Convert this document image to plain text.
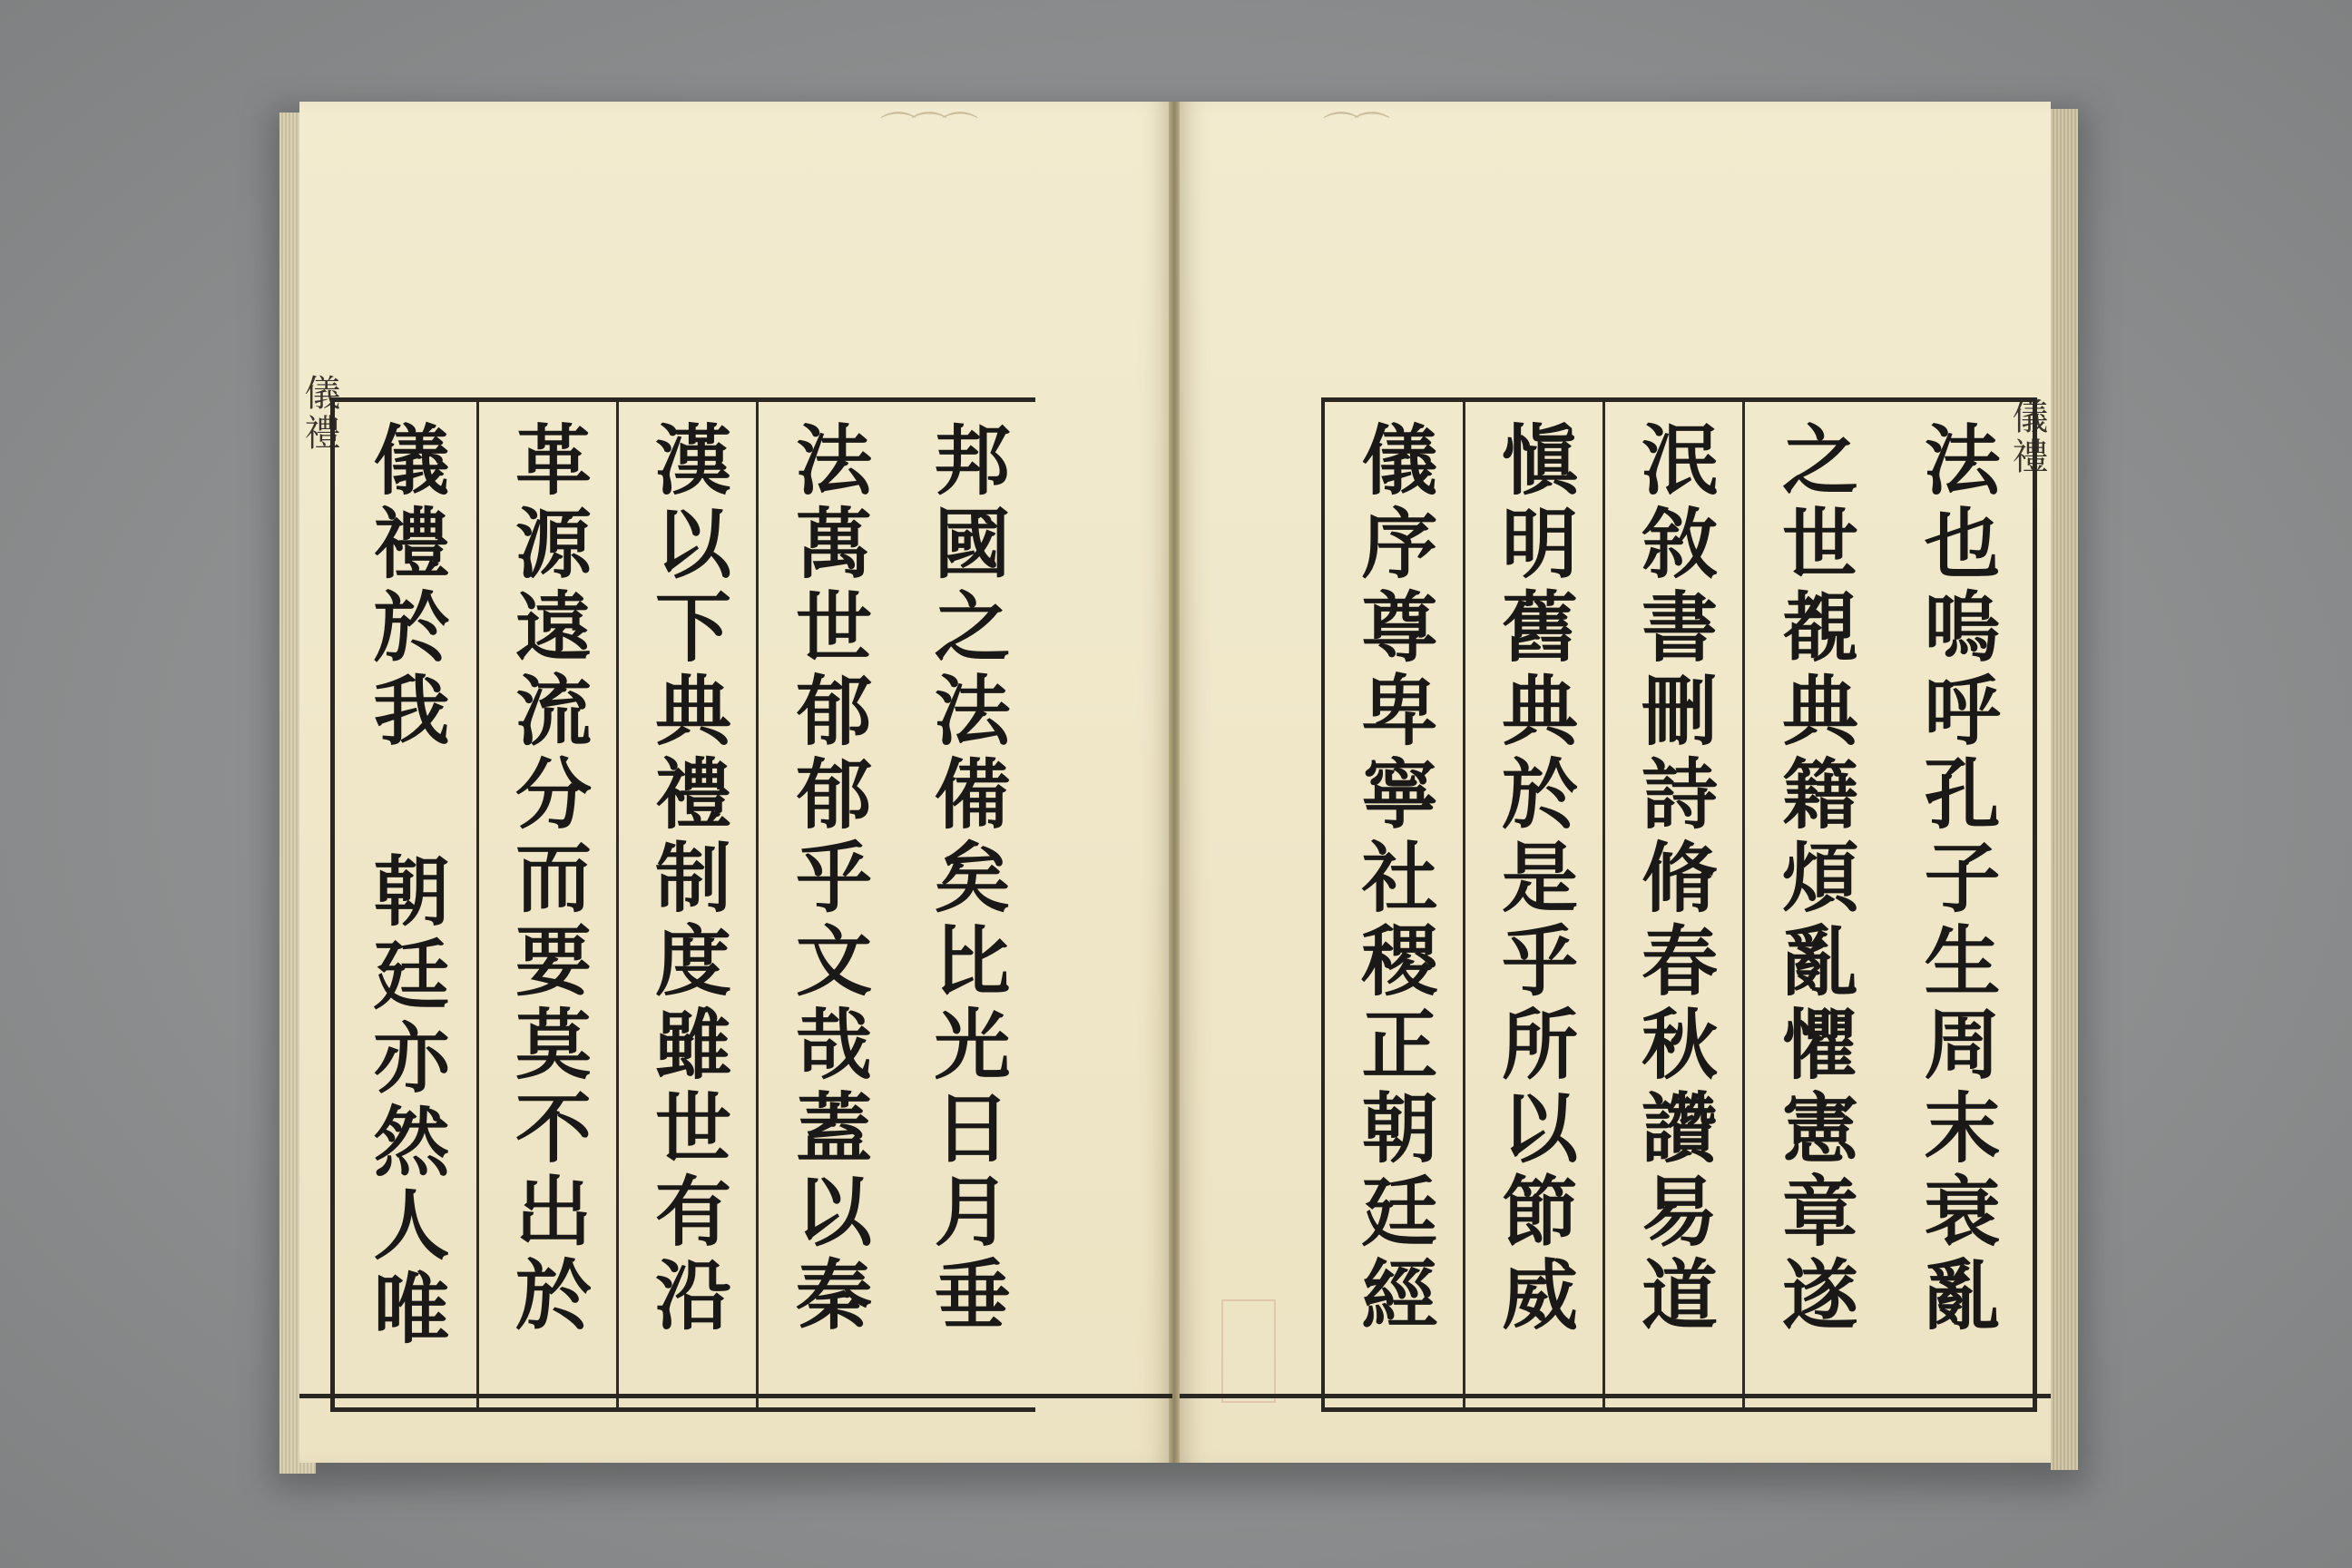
⌒⌒⌒
儀禮
⌒⌒
儀禮
邦國之法備矣比光日月垂
法萬世郁郁乎文哉蓋以秦
漢以下典禮制度雖世有沿
革源遠流分而要莫不出於
儀禮於我 朝廷亦然人唯	法也嗚呼孔子生周末衰亂
之世覩典籍煩亂懼憲章遂
泯敘書刪詩脩春秋讚易道
愼明舊典於是乎所以節威
儀序尊卑寧社稷正朝廷經
